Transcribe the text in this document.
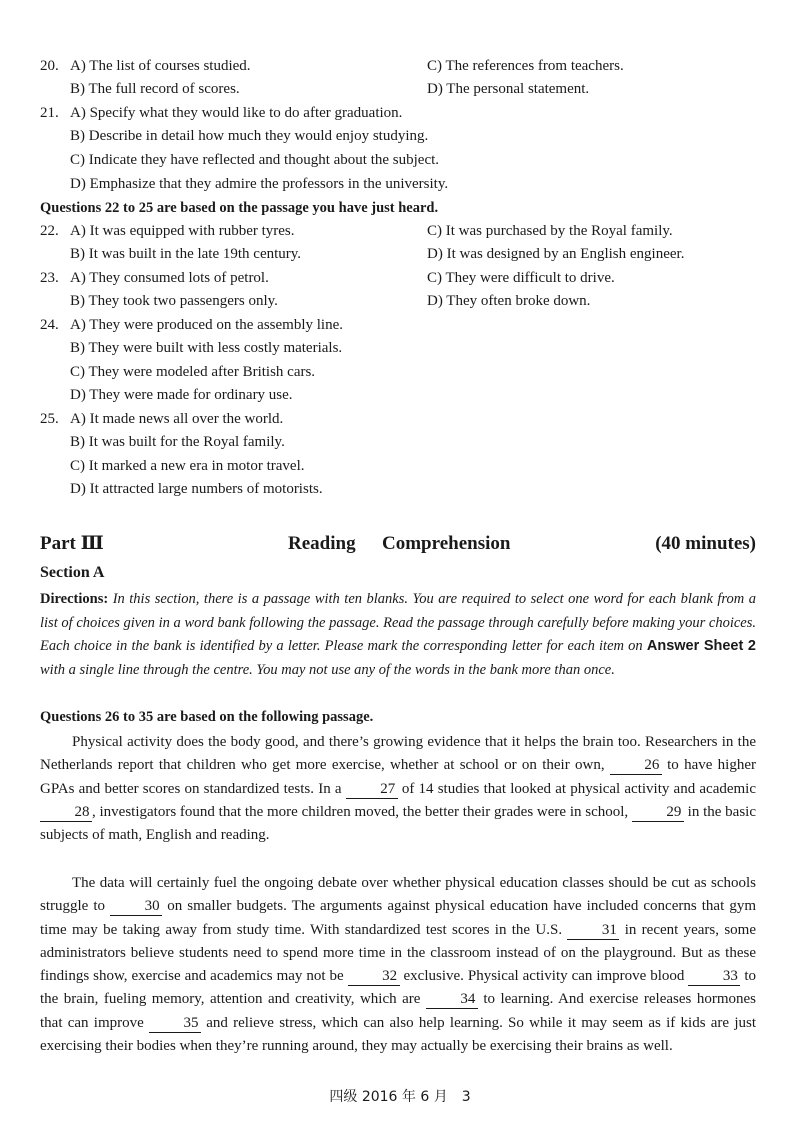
20. A) The list of courses studied.	C) The references from teachers.
B) The full record of scores.	D) The personal statement.
21. A) Specify what they would like to do after graduation.
B) Describe in detail how much they would enjoy studying.
C) Indicate they have reflected and thought about the subject.
D) Emphasize that they admire the professors in the university.
Questions 22 to 25 are based on the passage you have just heard.
22. A) It was equipped with rubber tyres.	C) It was purchased by the Royal family.
B) It was built in the late 19th century.	D) It was designed by an English engineer.
23. A) They consumed lots of petrol.	C) They were difficult to drive.
B) They took two passengers only.	D) They often broke down.
24. A) They were produced on the assembly line.
B) They were built with less costly materials.
C) They were modeled after British cars.
D) They were made for ordinary use.
25. A) It made news all over the world.
B) It was built for the Royal family.
C) It marked a new era in motor travel.
D) It attracted large numbers of motorists.
Part Ⅲ	Reading Comprehension	(40 minutes)
Section A
Directions: In this section, there is a passage with ten blanks. You are required to select one word for each blank from a list of choices given in a word bank following the passage. Read the passage through carefully before making your choices. Each choice in the bank is identified by a letter. Please mark the corresponding letter for each item on Answer Sheet 2 with a single line through the centre. You may not use any of the words in the bank more than once.
Questions 26 to 35 are based on the following passage.
Physical activity does the body good, and there’s growing evidence that it helps the brain too. Researchers in the Netherlands report that children who get more exercise, whether at school or on their own, 26 to have higher GPAs and better scores on standardized tests. In a 27 of 14 studies that looked at physical activity and academic 28 , investigators found that the more children moved, the better their grades were in school, 29 in the basic subjects of math, English and reading.
The data will certainly fuel the ongoing debate over whether physical education classes should be cut as schools struggle to 30 on smaller budgets. The arguments against physical education have included concerns that gym time may be taking away from study time. With standardized test scores in the U.S. 31 in recent years, some administrators believe students need to spend more time in the classroom instead of on the playground. But as these findings show, exercise and academics may not be 32 exclusive. Physical activity can improve blood 33 to the brain, fueling memory, attention and creativity, which are 34 to learning. And exercise releases hormones that can improve 35 and relieve stress, which can also help learning. So while it may seem as if kids are just exercising their bodies when they’re running around, they may actually be exercising their brains as well.
四级 2016 年 6 月　3
